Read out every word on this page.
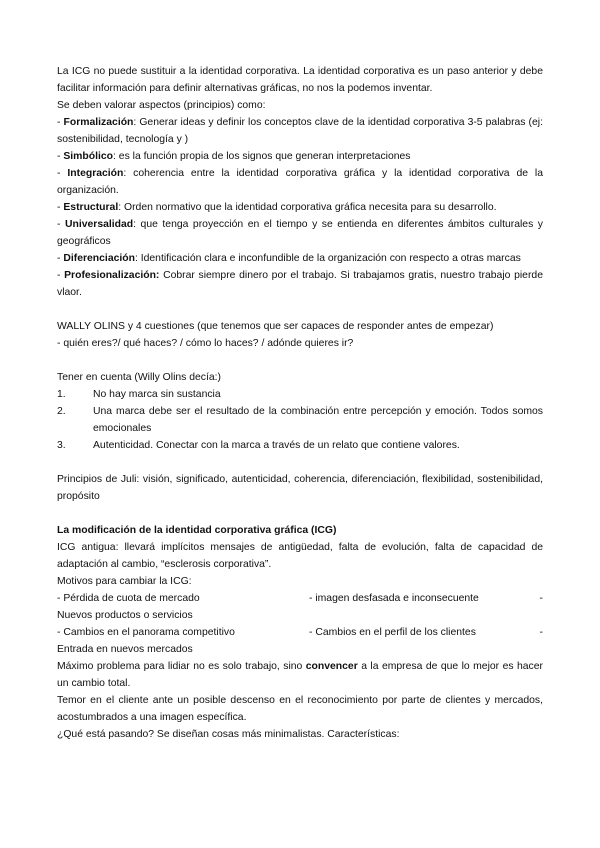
La ICG no puede sustituir a la identidad corporativa. La identidad corporativa es un paso anterior y debe facilitar información para definir alternativas gráficas, no nos la podemos inventar.

Se deben valorar aspectos (principios) como:

- Formalización: Generar ideas y definir los conceptos clave de la identidad corporativa 3-5 palabras (ej: sostenibilidad, tecnología y )

- Simbólico: es la función propia de los signos que generan interpretaciones

- Integración: coherencia entre la identidad corporativa gráfica y la identidad corporativa de la organización.

- Estructural: Orden normativo que la identidad corporativa gráfica necesita para su desarrollo.

- Universalidad: que tenga proyección en el tiempo y se entienda en diferentes ámbitos culturales y geográficos

- Diferenciación: Identificación clara e inconfundible de la organización con respecto a otras marcas

- Profesionalización: Cobrar siempre dinero por el trabajo. Si trabajamos gratis, nuestro trabajo pierde vlaor.

WALLY OLINS y 4 cuestiones (que tenemos que ser capaces de responder antes de empezar)

- quién eres?/ qué haces? / cómo lo haces? / adónde quieres ir?

Tener en cuenta (Willy Olins decía:)

1.	No hay marca sin sustancia
2.	Una marca debe ser el resultado de la combinación entre percepción y emoción. Todos somos emocionales
3.	Autenticidad. Conectar con la marca a través de un relato que contiene valores.

Principios de Juli: visión, significado, autenticidad, coherencia, diferenciación, flexibilidad, sostenibilidad, propósito

La modificación de la identidad corporativa gráfica (ICG)

ICG antigua: llevará implícitos mensajes de antigüedad, falta de evolución, falta de capacidad de adaptación al cambio, “esclerosis corporativa”.

Motivos para cambiar la ICG:

- Pérdida de cuota de mercado	- imagen desfasada e inconsecuente	-

Nuevos productos o servicios

- Cambios en el panorama competitivo	- Cambios en el perfil de los clientes	-

Entrada en nuevos mercados

Máximo problema para lidiar no es solo trabajo, sino convencer a la empresa de que lo mejor es hacer un cambio total.

Temor en el cliente ante un posible descenso en el reconocimiento por parte de clientes y mercados, acostumbrados a una imagen específica.

¿Qué está pasando? Se diseñan cosas más minimalistas. Características:
